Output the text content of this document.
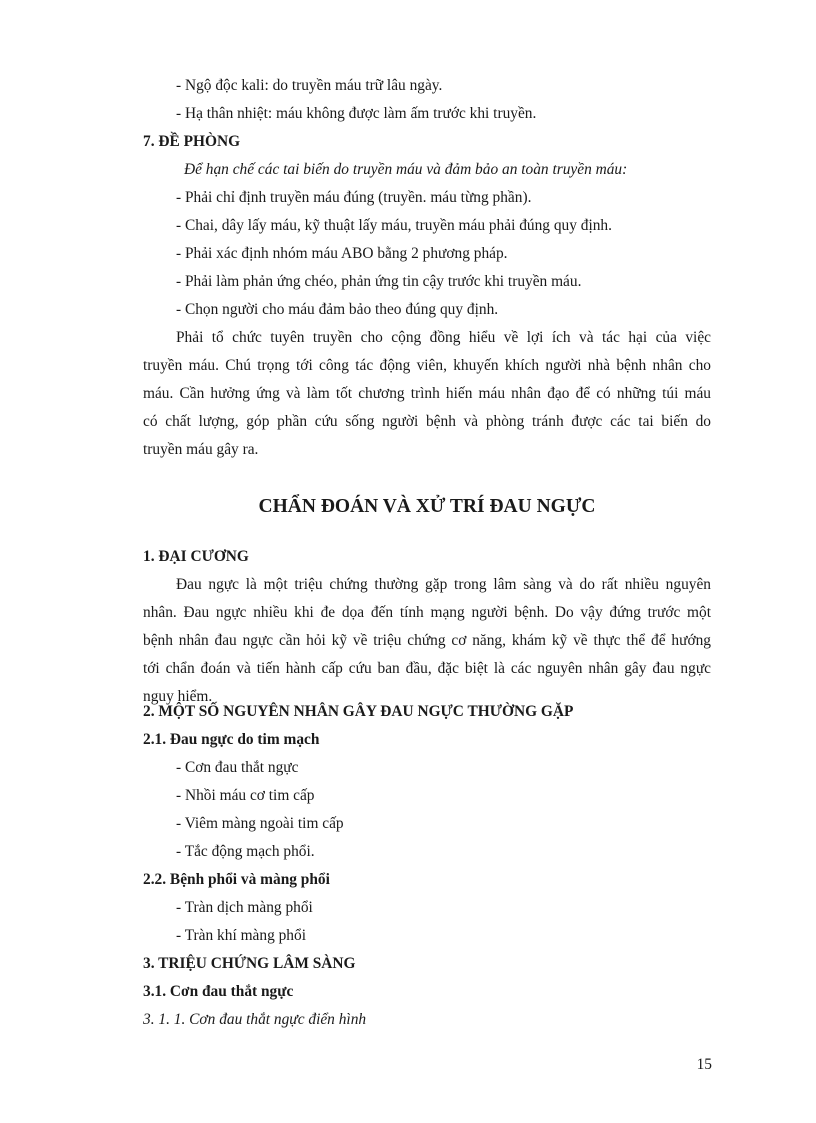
- Ngộ độc kali: do truyền máu trữ lâu ngày.
- Hạ thân nhiệt: máu không được làm ấm trước khi truyền.
7. ĐỀ PHÒNG
Để hạn chế các tai biến do truyền máu và đảm bảo an toàn truyền máu:
- Phải chỉ định truyền máu đúng (truyền. máu từng phần).
- Chai, dây lấy máu, kỹ thuật lấy máu, truyền máu phải đúng quy định.
- Phải xác định nhóm máu ABO bằng 2 phương pháp.
- Phải làm phản ứng chéo, phản ứng tin cậy trước khi truyền máu.
- Chọn người cho máu đảm bảo theo đúng quy định.
Phải tổ chức tuyên truyền cho cộng đồng hiểu về lợi ích và tác hại của việc
truyền máu. Chú trọng tới công tác động viên, khuyến khích người nhà bệnh nhân cho
máu. Cần hưởng ứng và làm tốt chương trình hiến máu nhân đạo để có những túi máu
có chất lượng, góp phần cứu sống người bệnh và phòng tránh được các tai biến do
truyền máu gây ra.
CHẨN ĐOÁN VÀ XỬ TRÍ ĐAU NGỰC
1. ĐẠI CƯƠNG
Đau ngực là một triệu chứng thường gặp trong lâm sàng và do rất nhiều nguyên
nhân. Đau ngực nhiều khi đe dọa đến tính mạng người bệnh. Do vậy đứng trước một
bệnh nhân đau ngực cần hỏi kỹ về triệu chứng cơ năng, khám kỹ về thực thể để hướng
tới chẩn đoán và tiến hành cấp cứu ban đầu, đặc biệt là các nguyên nhân gây đau ngực
nguy hiểm.
2. MỘT SỐ NGUYÊN NHÂN GÂY ĐAU NGỰC THƯỜNG GẶP
2.1. Đau ngực do tim mạch
- Cơn đau thắt ngực
- Nhồi máu cơ tim cấp
- Viêm màng ngoài tim cấp
- Tắc động mạch phổi.
2.2. Bệnh phổi và màng phổi
- Tràn dịch màng phổi
- Tràn khí màng phổi
3. TRIỆU CHỨNG LÂM SÀNG
3.1. Cơn đau thắt ngực
3. 1. 1. Cơn đau thắt ngực điển hình
15
